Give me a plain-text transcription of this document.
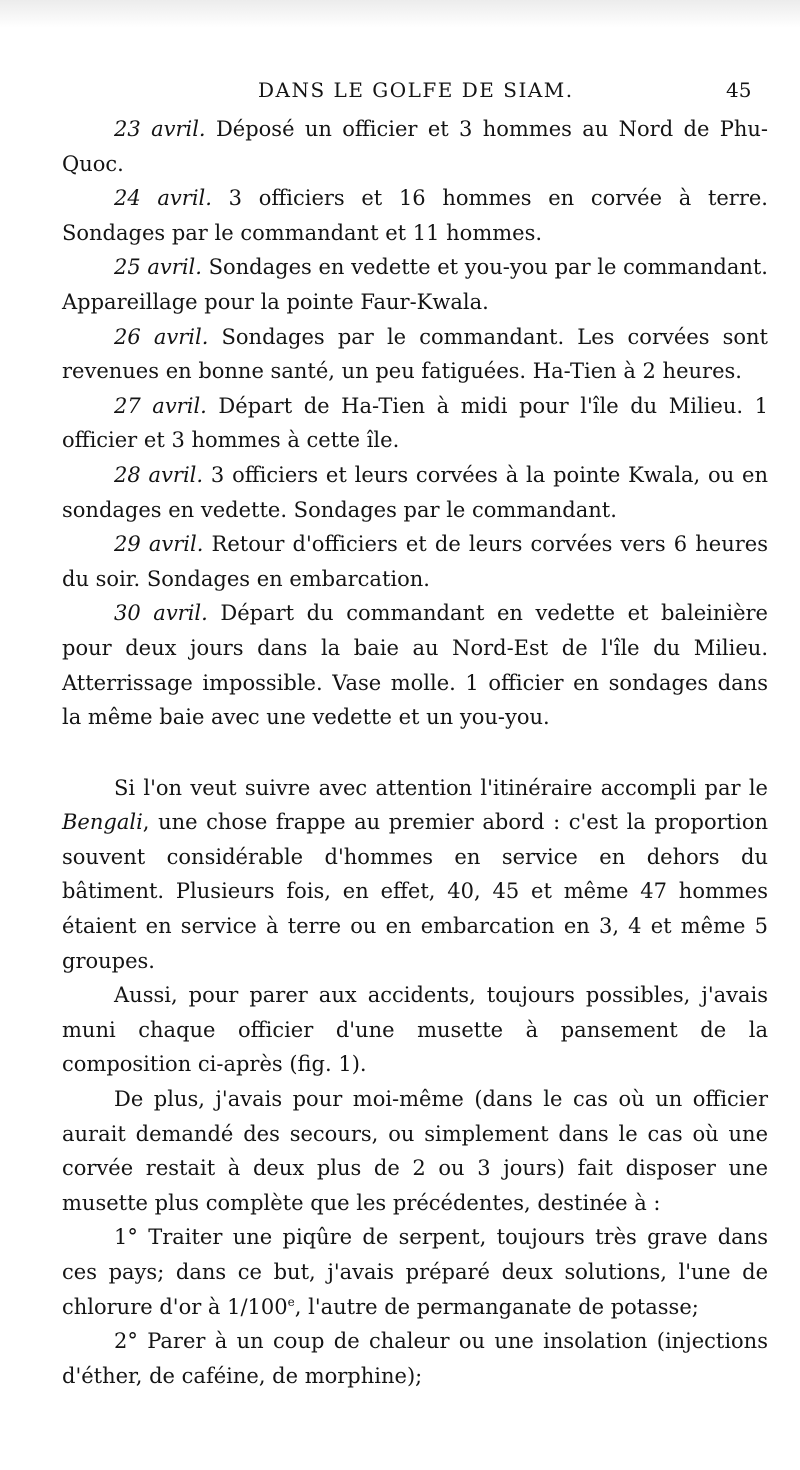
DANS LE GOLFE DE SIAM.	45

23 avril. Déposé un officier et 3 hommes au Nord de Phu-Quoc.

24 avril. 3 officiers et 16 hommes en corvée à terre. Sondages par le commandant et 11 hommes.

25 avril. Sondages en vedette et you-you par le commandant. Appareillage pour la pointe Faur-Kwala.

26 avril. Sondages par le commandant. Les corvées sont revenues en bonne santé, un peu fatiguées. Ha-Tien à 2 heures.

27 avril. Départ de Ha-Tien à midi pour l'île du Milieu. 1 officier et 3 hommes à cette île.

28 avril. 3 officiers et leurs corvées à la pointe Kwala, ou en sondages en vedette. Sondages par le commandant.

29 avril. Retour d'officiers et de leurs corvées vers 6 heures du soir. Sondages en embarcation.

30 avril. Départ du commandant en vedette et baleinière pour deux jours dans la baie au Nord-Est de l'île du Milieu. Atterrissage impossible. Vase molle. 1 officier en sondages dans la même baie avec une vedette et un you-you.

Si l'on veut suivre avec attention l'itinéraire accompli par le Bengali, une chose frappe au premier abord : c'est la proportion souvent considérable d'hommes en service en dehors du bâtiment. Plusieurs fois, en effet, 40, 45 et même 47 hommes étaient en service à terre ou en embarcation en 3, 4 et même 5 groupes.

Aussi, pour parer aux accidents, toujours possibles, j'avais muni chaque officier d'une musette à pansement de la composition ci-après (fig. 1).

De plus, j'avais pour moi-même (dans le cas où un officier aurait demandé des secours, ou simplement dans le cas où une corvée restait à deux plus de 2 ou 3 jours) fait disposer une musette plus complète que les précédentes, destinée à :

1° Traiter une piqûre de serpent, toujours très grave dans ces pays; dans ce but, j'avais préparé deux solutions, l'une de chlorure d'or à 1/100e, l'autre de permanganate de potasse;

2° Parer à un coup de chaleur ou une insolation (injections d'éther, de caféine, de morphine);
